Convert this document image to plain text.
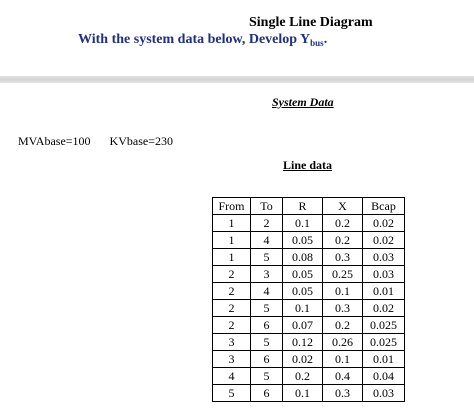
Single Line Diagram
With the system data below, Develop $Y_{bus}$.
System Data
MVAbase=100 KVbase=230
Line data
From	To	R	X	Bcap
1	2	0.1	0.2	0.02
1	4	0.05	0.2	0.02
1	5	0.08	0.3	0.03
2	3	0.05	0.25	0.03
2	4	0.05	0.1	0.01
2	5	0.1	0.3	0.02
2	6	0.07	0.2	0.025
3	5	0.12	0.26	0.025
3	6	0.02	0.1	0.01
4	5	0.2	0.4	0.04
5	6	0.1	0.3	0.03
